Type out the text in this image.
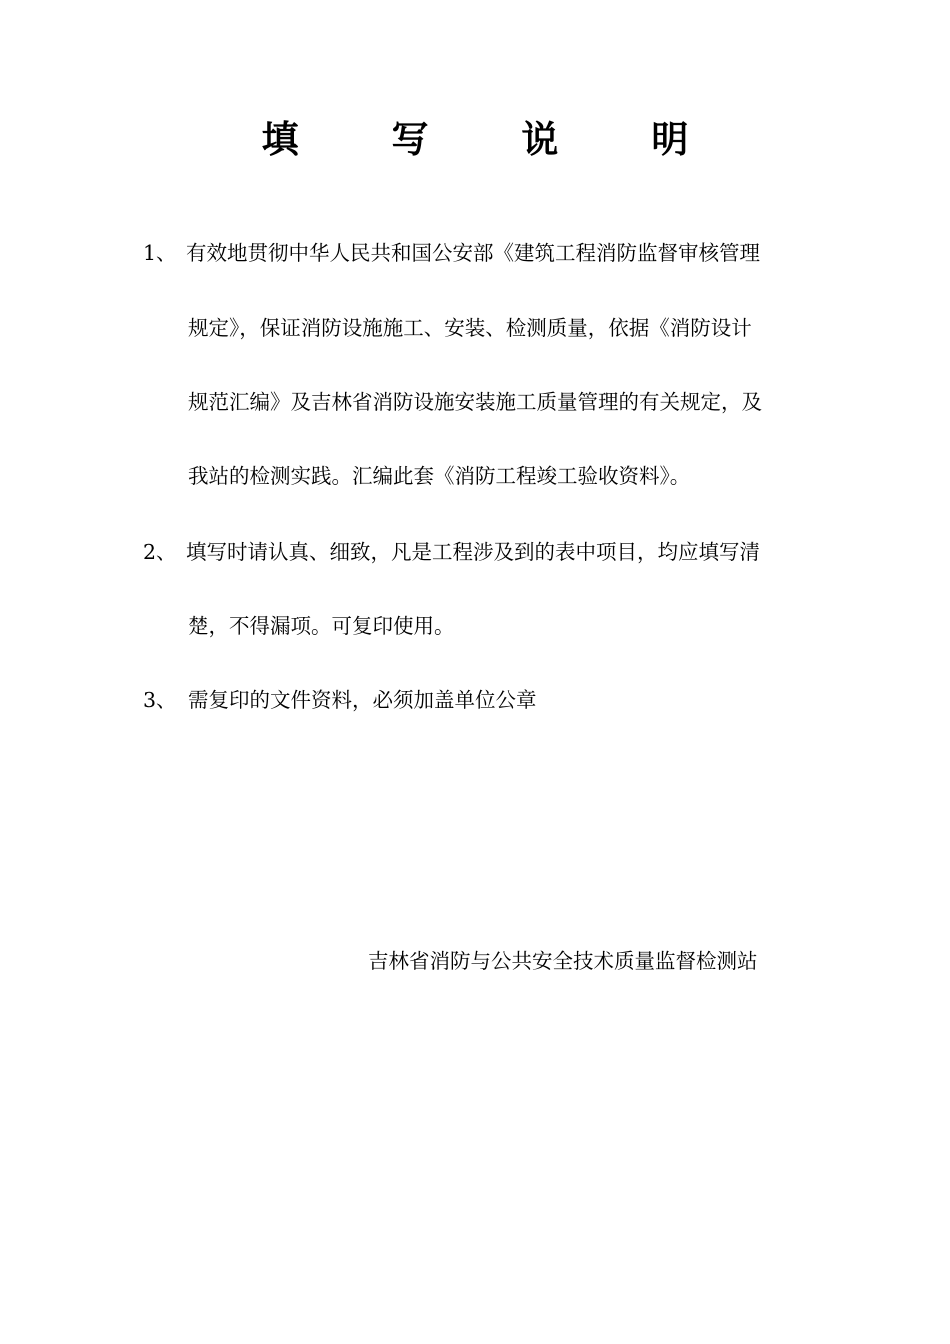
填 写 说 明
1、 有效地贯彻中华人民共和国公安部《建筑工程消防监督审核管理
规定》，保证消防设施施工、安装、检测质量，依据《消防设计
规范汇编》及吉林省消防设施安装施工质量管理的有关规定，及
我站的检测实践。汇编此套《消防工程竣工验收资料》。
2、 填写时请认真、细致，凡是工程涉及到的表中项目，均应填写清
楚，不得漏项。可复印使用。
3、 需复印的文件资料，必须加盖单位公章
吉林省消防与公共安全技术质量监督检测站
